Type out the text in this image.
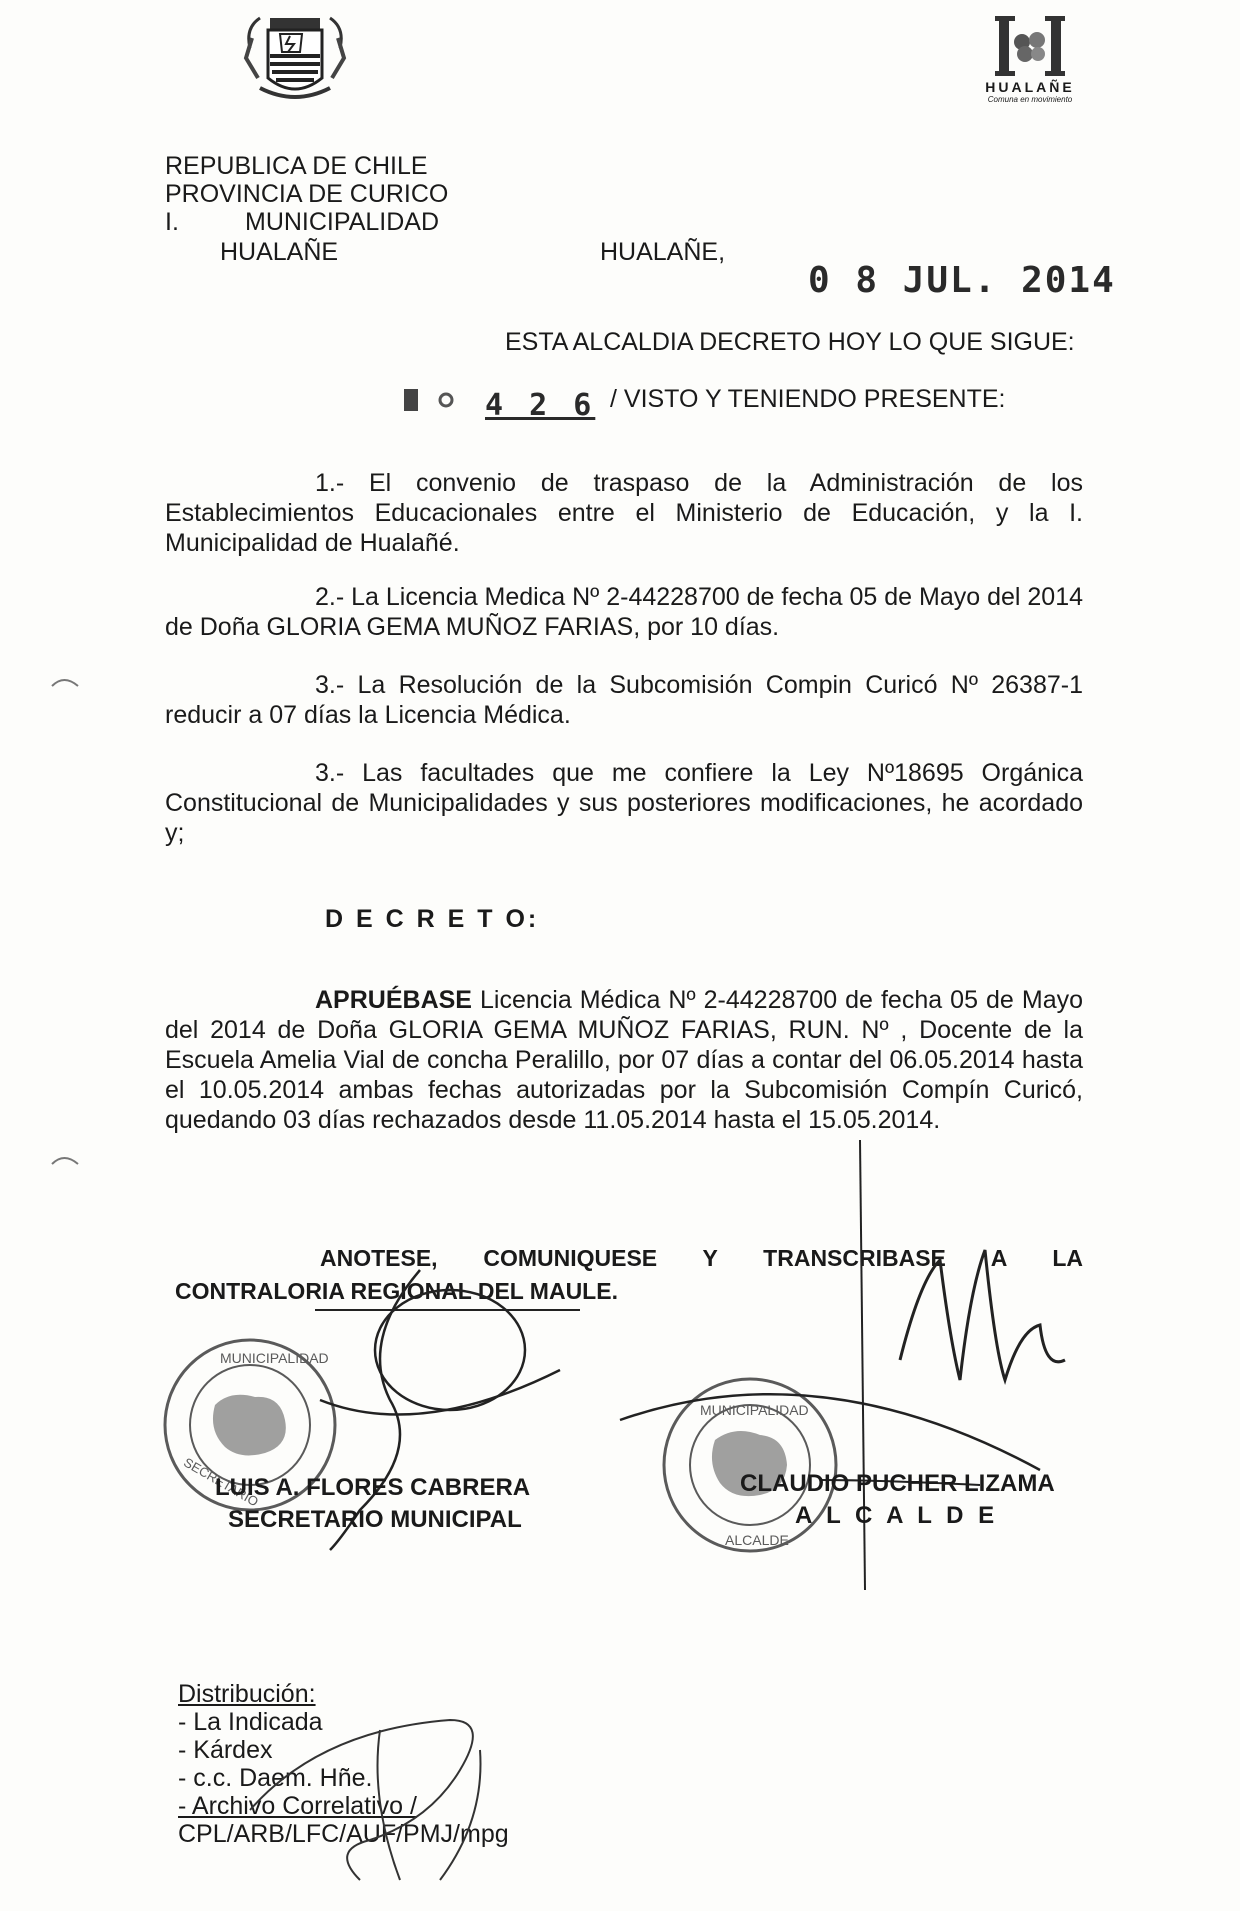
HUALAÑE
Comuna en movimiento
REPUBLICA DE CHILE
PROVINCIA DE CURICO
I.	MUNICIPALIDAD
HUALAÑE	HUALAÑE,
0 8 JUL. 2014
ESTA ALCALDIA DECRETO HOY LO QUE SIGUE:
4 2 6 / VISTO Y TENIENDO PRESENTE:
1.- El convenio de traspaso de la Administración de los Establecimientos Educacionales entre el Ministerio de Educación, y la I. Municipalidad de Hualañé.
2.- La Licencia Medica Nº 2-44228700 de fecha 05 de Mayo del 2014 de Doña GLORIA GEMA MUÑOZ FARIAS, por 10 días.
3.- La Resolución de la Subcomisión Compin Curicó Nº 26387-1 reducir a 07 días la Licencia Médica.
3.- Las facultades que me confiere la Ley Nº18695 Orgánica Constitucional de Municipalidades y sus posteriores modificaciones, he acordado y;
D E C R E T O:
APRUÉBASE Licencia Médica Nº 2-44228700 de fecha 05 de Mayo del 2014 de Doña GLORIA GEMA MUÑOZ FARIAS, RUN. Nº , Docente de la Escuela Amelia Vial de concha Peralillo, por 07 días a contar del 06.05.2014 hasta el 10.05.2014 ambas fechas autorizadas por la Subcomisión Compín Curicó, quedando 03 días rechazados desde 11.05.2014 hasta el 15.05.2014.
ANOTESE, COMUNIQUESE Y TRANSCRIBASE A LA
CONTRALORIA REGIONAL DEL MAULE.
MUNICIPALIDAD
SECRETARIO
MUNICIPALIDAD
ALCALDE
LUIS A. FLORES CABRERA
SECRETARIO MUNICIPAL
CLAUDIO PUCHER LIZAMA
A L C A L D E
Distribución:
- La Indicada
- Kárdex
- c.c. Daem. Hñe.
- Archivo Correlativo /
CPL/ARB/LFC/AUF/PMJ/mpg
